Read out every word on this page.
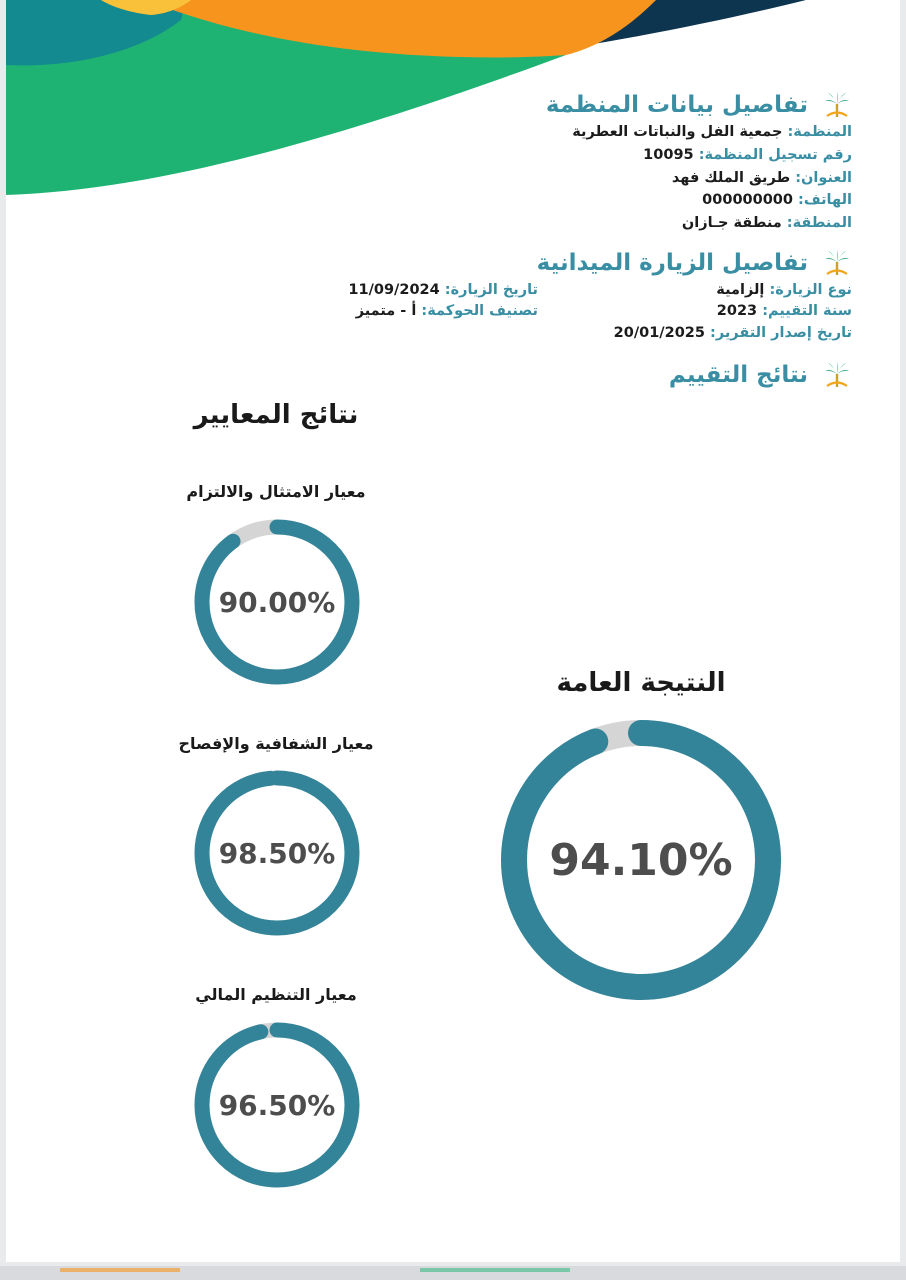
تفاصيل بيانات المنظمة
المنظمة: جمعية الفل والنباتات العطرية
رقم تسجيل المنظمة: 10095
العنوان: طريق الملك فهد
الهاتف: 000000000
المنطقة: منطقة جـازان
تفاصيل الزيارة الميدانية
نوع الزيارة: إلزامية
سنة التقييم: 2023
تاريخ إصدار التقرير: 20/01/2025
تاريخ الزيارة: 11/09/2024
تصنيف الحوكمة: أ - متميز
نتائج التقييم
نتائج المعايير
معيار الامتثال والالتزام
90.00%
معيار الشفافية والإفصاح
98.50%
معيار التنظيم المالي
96.50%
النتيجة العامة
94.10%
